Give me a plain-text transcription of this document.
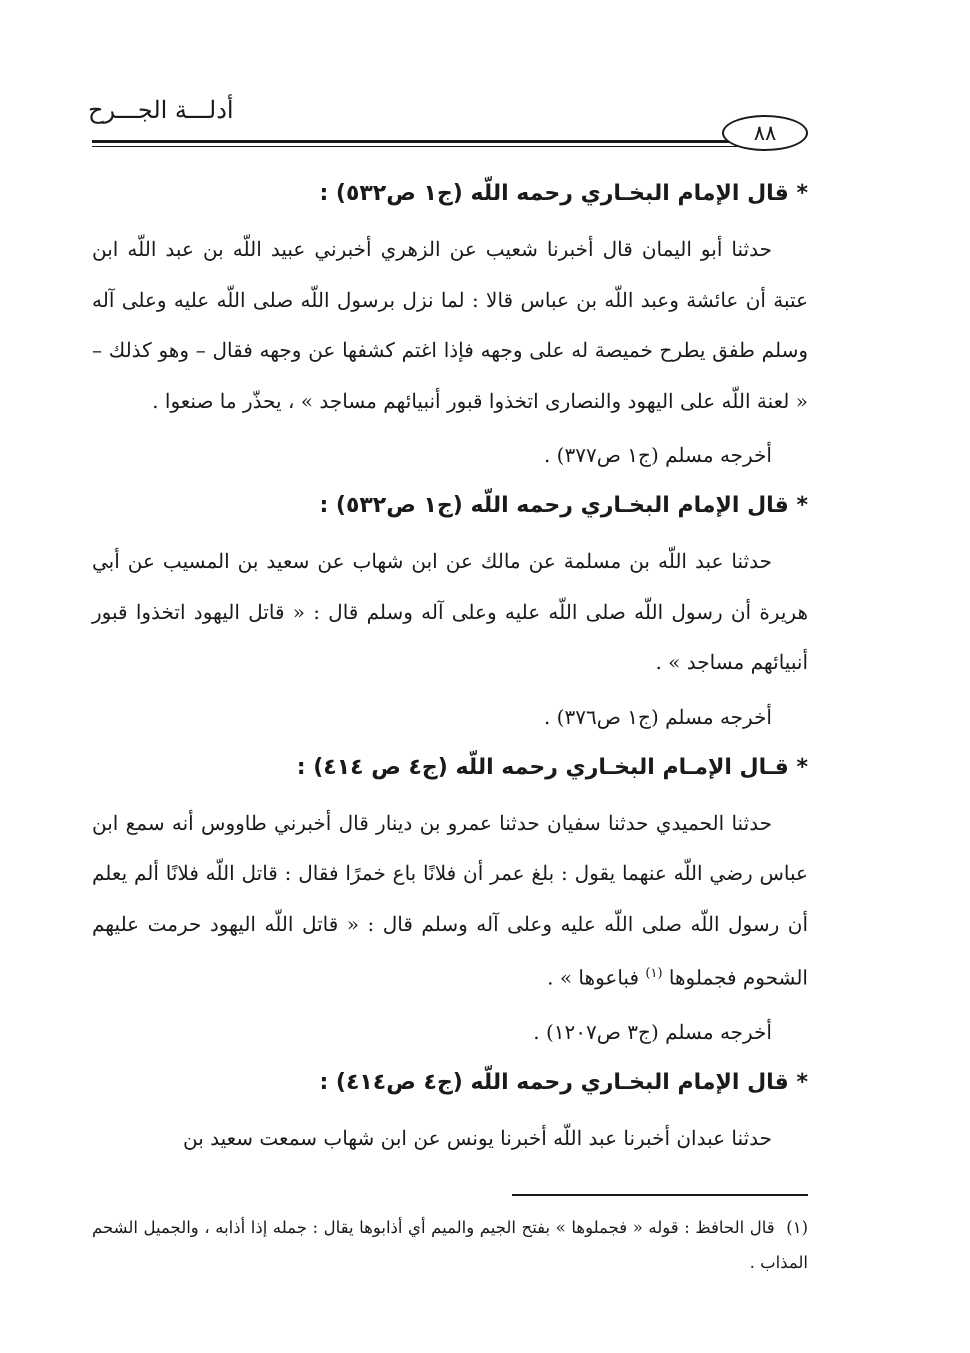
أدلـــة الجـــرح
٨٨
* قال الإمام البخـاري رحمه اللّه (ج١ ص٥٣٢) :

حدثنا أبو اليمان قال أخبرنا شعيب عن الزهري أخبرني عبيد اللّه بن عبد اللّه ابن عتبة أن عائشة وعبد اللّه بن عباس قالا : لما نزل برسول اللّه صلى اللّه عليه وعلى آله وسلم طفق يطرح خميصة له على وجهه فإذا اغتم كشفها عن وجهه فقال – وهو كذلك – « لعنة اللّه على اليهود والنصارى اتخذوا قبور أنبيائهم مساجد » ، يحذّر ما صنعوا .

أخرجه مسلم (ج١ ص٣٧٧) .
* قال الإمام البخـاري رحمه اللّه (ج١ ص٥٣٢) :

حدثنا عبد اللّه بن مسلمة عن مالك عن ابن شهاب عن سعيد بن المسيب عن أبي هريرة أن رسول اللّه صلى اللّه عليه وعلى آله وسلم قال : « قاتل اليهود اتخذوا قبور أنبيائهم مساجد » .

أخرجه مسلم (ج١ ص٣٧٦) .
* قـال الإمـام البخـاري رحمه اللّه (ج٤ ص ٤١٤) :

حدثنا الحميدي حدثنا سفيان حدثنا عمرو بن دينار قال أخبرني طاووس أنه سمع ابن عباس رضي اللّه عنهما يقول : بلغ عمر أن فلانًا باع خمرًا فقال : قاتل اللّه فلانًا ألم يعلم أن رسول اللّه صلى اللّه عليه وعلى آله وسلم قال : « قاتل اللّه اليهود حرمت عليهم الشحوم فجملوها $^{(١)}$ فباعوها » .

أخرجه مسلم (ج٣ ص١٢٠٧) .
* قال الإمام البخـاري رحمه اللّه (ج٤ ص٤١٤) :

حدثنا عبدان أخبرنا عبد اللّه أخبرنا يونس عن ابن شهاب سمعت سعيد بن

(١) قال الحافظ : قوله « فجملوها » بفتح الجيم والميم أي أذابوها يقال : جمله إذا أذابه ، والجميل الشحم المذاب .
